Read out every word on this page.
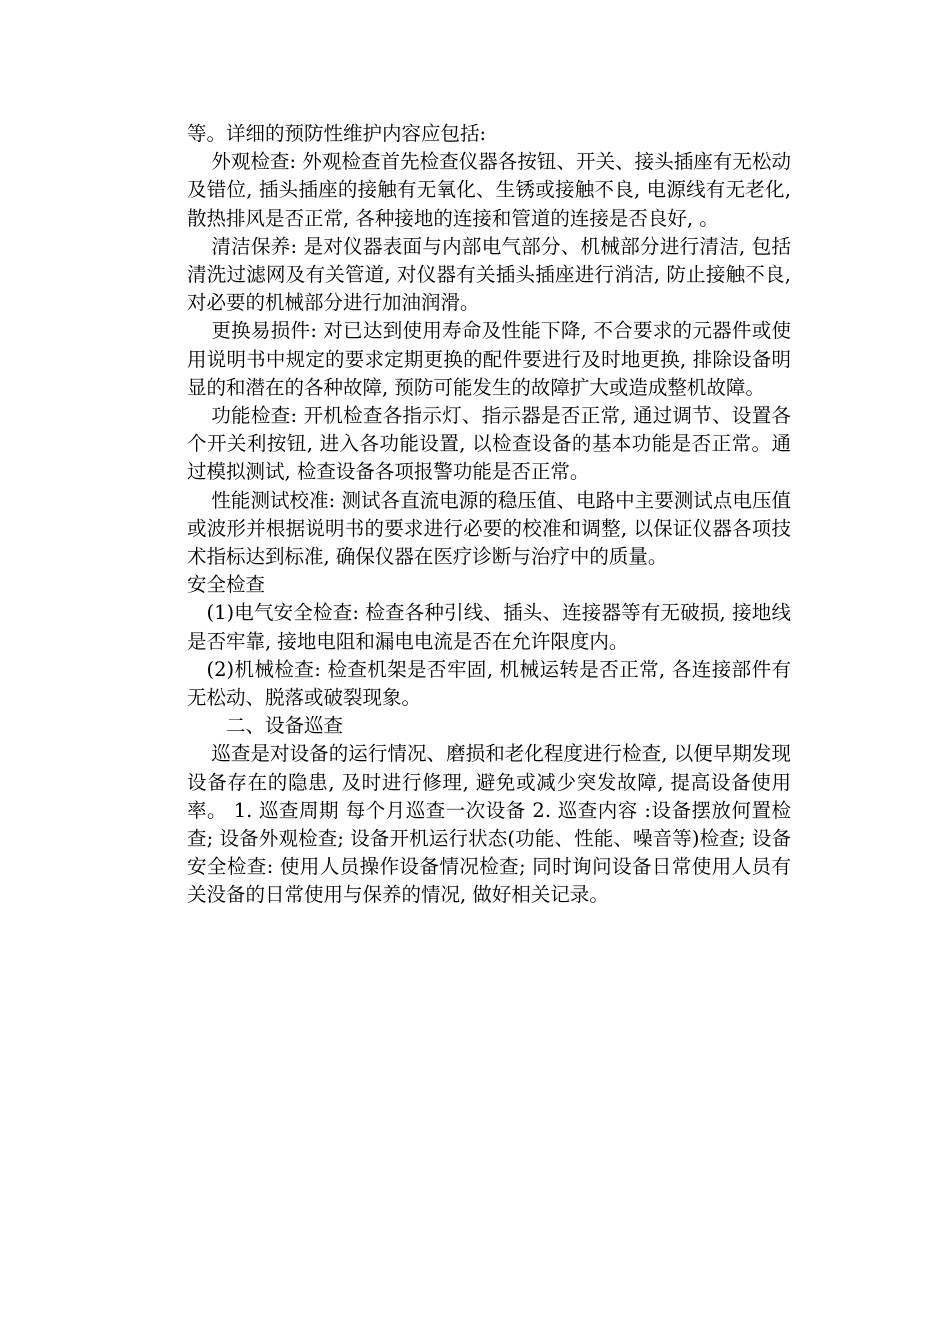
等。详细的预防性维护内容应包括:

外观检查: 外观检查首先检查仪器各按钮、开关、接头插座有无松动及错位, 插头插座的接触有无氧化、生锈或接触不良, 电源线有无老化, 散热排风是否正常, 各种接地的连接和管道的连接是否良好, 。

清洁保养: 是对仪器表面与内部电气部分、机械部分进行清洁, 包括清洗过滤网及有关管道, 对仪器有关插头插座进行消洁, 防止接触不良, 对必要的机械部分进行加油润滑。

更换易损件: 对已达到使用寿命及性能下降, 不合要求的元器件或使用说明书中规定的要求定期更换的配件要进行及时地更换, 排除设备明显的和潜在的各种故障, 预防可能发生的故障扩大或造成整机故障。

功能检查: 开机检查各指示灯、指示器是否正常, 通过调节、设置各个开关利按钮, 进入各功能设置, 以检查设备的基本功能是否正常。通过模拟测试, 检查设备各项报警功能是否正常。

性能测试校准: 测试各直流电源的稳压值、电路中主要测试点电压值或波形并根据说明书的要求进行必要的校准和调整, 以保证仪器各项技术指标达到标准, 确保仪器在医疗诊断与治疗中的质量。

安全检查

(1)电气安全检查: 检查各种引线、插头、连接器等有无破损, 接地线是否牢靠, 接地电阻和漏电电流是否在允许限度内。

(2)机械检查: 检查机架是否牢固, 机械运转是否正常, 各连接部件有无松动、脱落或破裂现象。

二、设备巡查

巡查是对设备的运行情况、磨损和老化程度进行检查, 以便早期发现设备存在的隐患, 及时进行修理, 避免或减少突发故障, 提高设备使用率。 1. 巡查周期 每个月巡查一次设备 2. 巡查内容 :设备摆放何置检查; 设备外观检查; 设备开机运行状态(功能、性能、噪音等)检查; 设备安全检查: 使用人员操作设备情况检查; 同时询问设备日常使用人员有关没备的日常使用与保养的情况, 做好相关记录。
